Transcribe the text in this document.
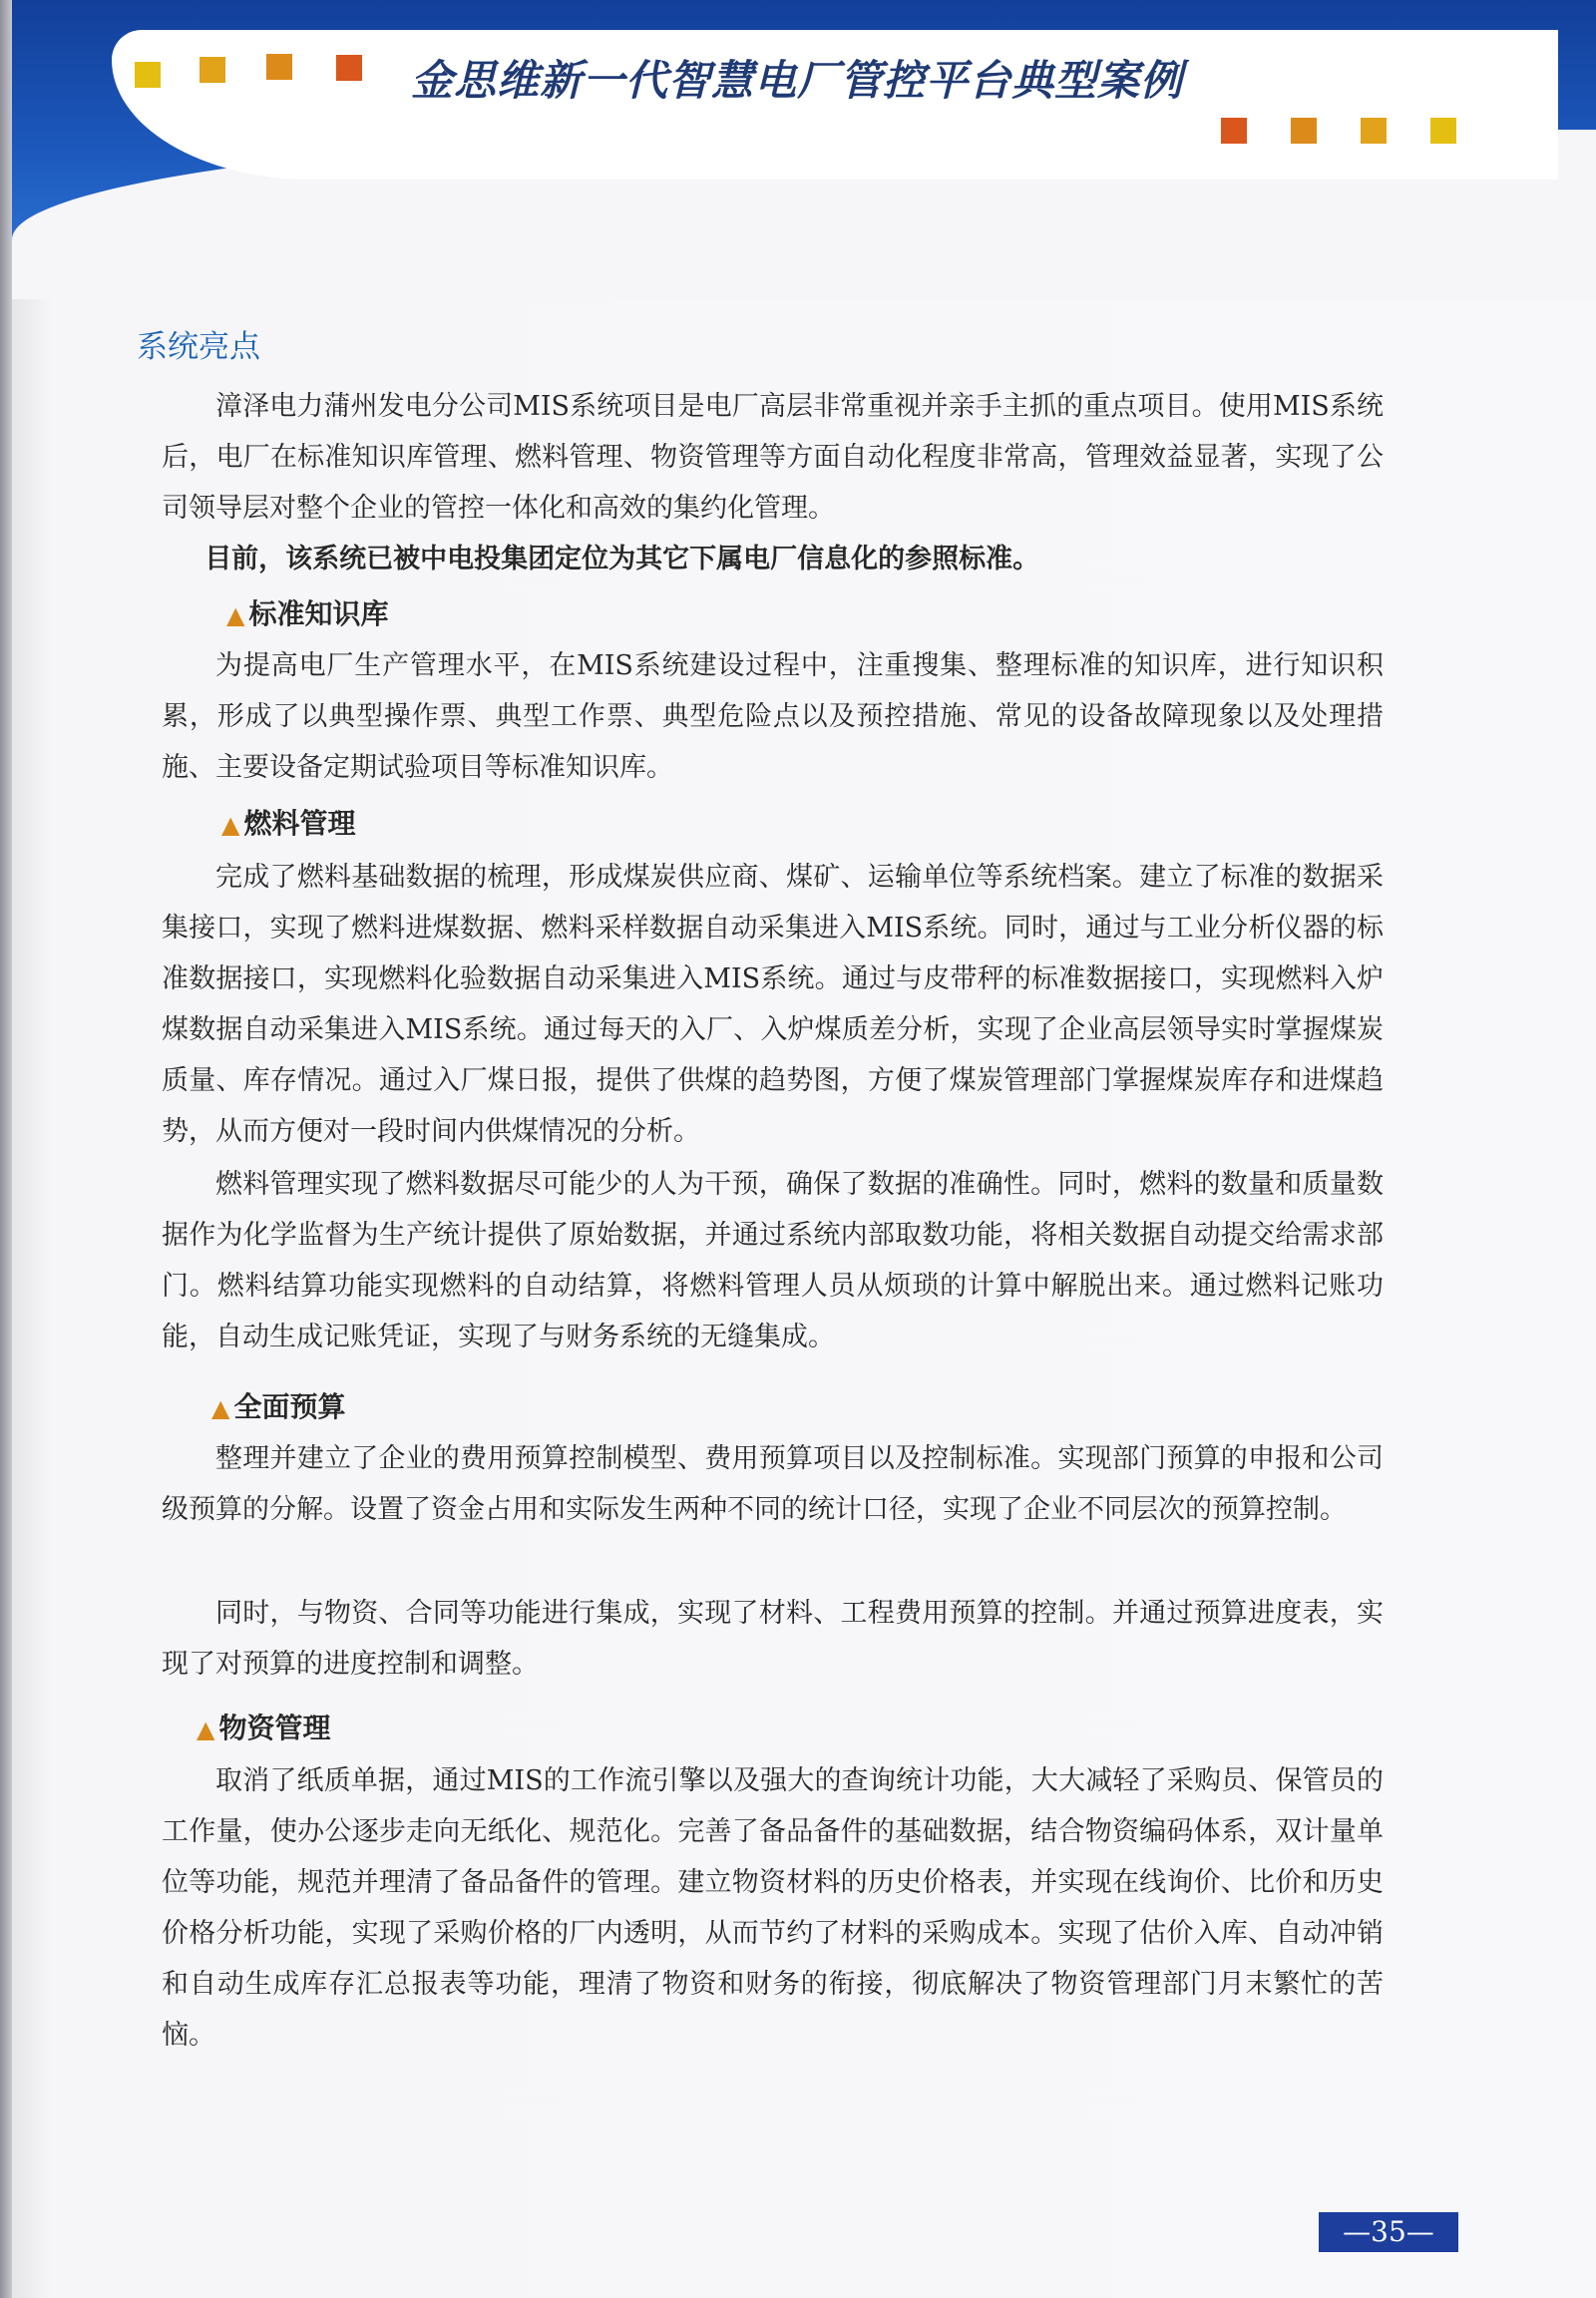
金思维新一代智慧电厂管控平台典型案例
系统亮点

漳泽电力蒲州发电分公司MIS系统项目是电厂高层非常重视并亲手主抓的重点项目。使用MIS系统后，电厂在标准知识库管理、燃料管理、物资管理等方面自动化程度非常高，管理效益显著，实现了公司领导层对整个企业的管控一体化和高效的集约化管理。

目前，该系统已被中电投集团定位为其它下属电厂信息化的参照标准。

▲ 标准知识库

为提高电厂生产管理水平，在MIS系统建设过程中，注重搜集、整理标准的知识库，进行知识积累，形成了以典型操作票、典型工作票、典型危险点以及预控措施、常见的设备故障现象以及处理措施、主要设备定期试验项目等标准知识库。

▲ 燃料管理

完成了燃料基础数据的梳理，形成煤炭供应商、煤矿、运输单位等系统档案。建立了标准的数据采集接口，实现了燃料进煤数据、燃料采样数据自动采集进入MIS系统。同时，通过与工业分析仪器的标准数据接口，实现燃料化验数据自动采集进入MIS系统。通过与皮带秤的标准数据接口，实现燃料入炉煤数据自动采集进入MIS系统。通过每天的入厂、入炉煤质差分析，实现了企业高层领导实时掌握煤炭质量、库存情况。通过入厂煤日报，提供了供煤的趋势图，方便了煤炭管理部门掌握煤炭库存和进煤趋势，从而方便对一段时间内供煤情况的分析。

燃料管理实现了燃料数据尽可能少的人为干预，确保了数据的准确性。同时，燃料的数量和质量数据作为化学监督为生产统计提供了原始数据，并通过系统内部取数功能，将相关数据自动提交给需求部门。燃料结算功能实现燃料的自动结算，将燃料管理人员从烦琐的计算中解脱出来。通过燃料记账功能，自动生成记账凭证，实现了与财务系统的无缝集成。

▲ 全面预算

整理并建立了企业的费用预算控制模型、费用预算项目以及控制标准。实现部门预算的申报和公司级预算的分解。设置了资金占用和实际发生两种不同的统计口径，实现了企业不同层次的预算控制。

同时，与物资、合同等功能进行集成，实现了材料、工程费用预算的控制。并通过预算进度表，实现了对预算的进度控制和调整。

▲ 物资管理

取消了纸质单据，通过MIS的工作流引擎以及强大的查询统计功能，大大减轻了采购员、保管员的工作量，使办公逐步走向无纸化、规范化。完善了备品备件的基础数据，结合物资编码体系，双计量单位等功能，规范并理清了备品备件的管理。建立物资材料的历史价格表，并实现在线询价、比价和历史价格分析功能，实现了采购价格的厂内透明，从而节约了材料的采购成本。实现了估价入库、自动冲销和自动生成库存汇总报表等功能，理清了物资和财务的衔接，彻底解决了物资管理部门月末繁忙的苦恼。

—35—
